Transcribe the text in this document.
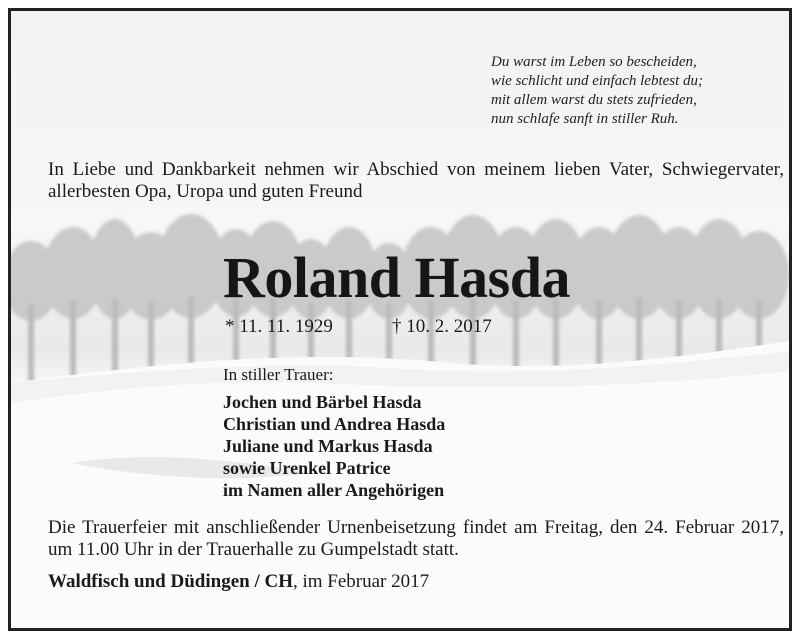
Du warst im Leben so bescheiden,
wie schlicht und einfach lebtest du;
mit allem warst du stets zufrieden,
nun schlafe sanft in stiller Ruh.
In Liebe und Dankbarkeit nehmen wir Abschied von meinem lieben Vater, Schwiegervater, allerbesten Opa, Uropa und guten Freund
Roland Hasda
* 11. 11. 1929	† 10. 2. 2017
In stiller Trauer:
Jochen und Bärbel Hasda
Christian und Andrea Hasda
Juliane und Markus Hasda
sowie Urenkel Patrice
im Namen aller Angehörigen
Die Trauerfeier mit anschließender Urnenbeisetzung findet am Freitag, den 24. Februar 2017, um 11.00 Uhr in der Trauerhalle zu Gumpelstadt statt.
Waldfisch und Düdingen / CH, im Februar 2017
